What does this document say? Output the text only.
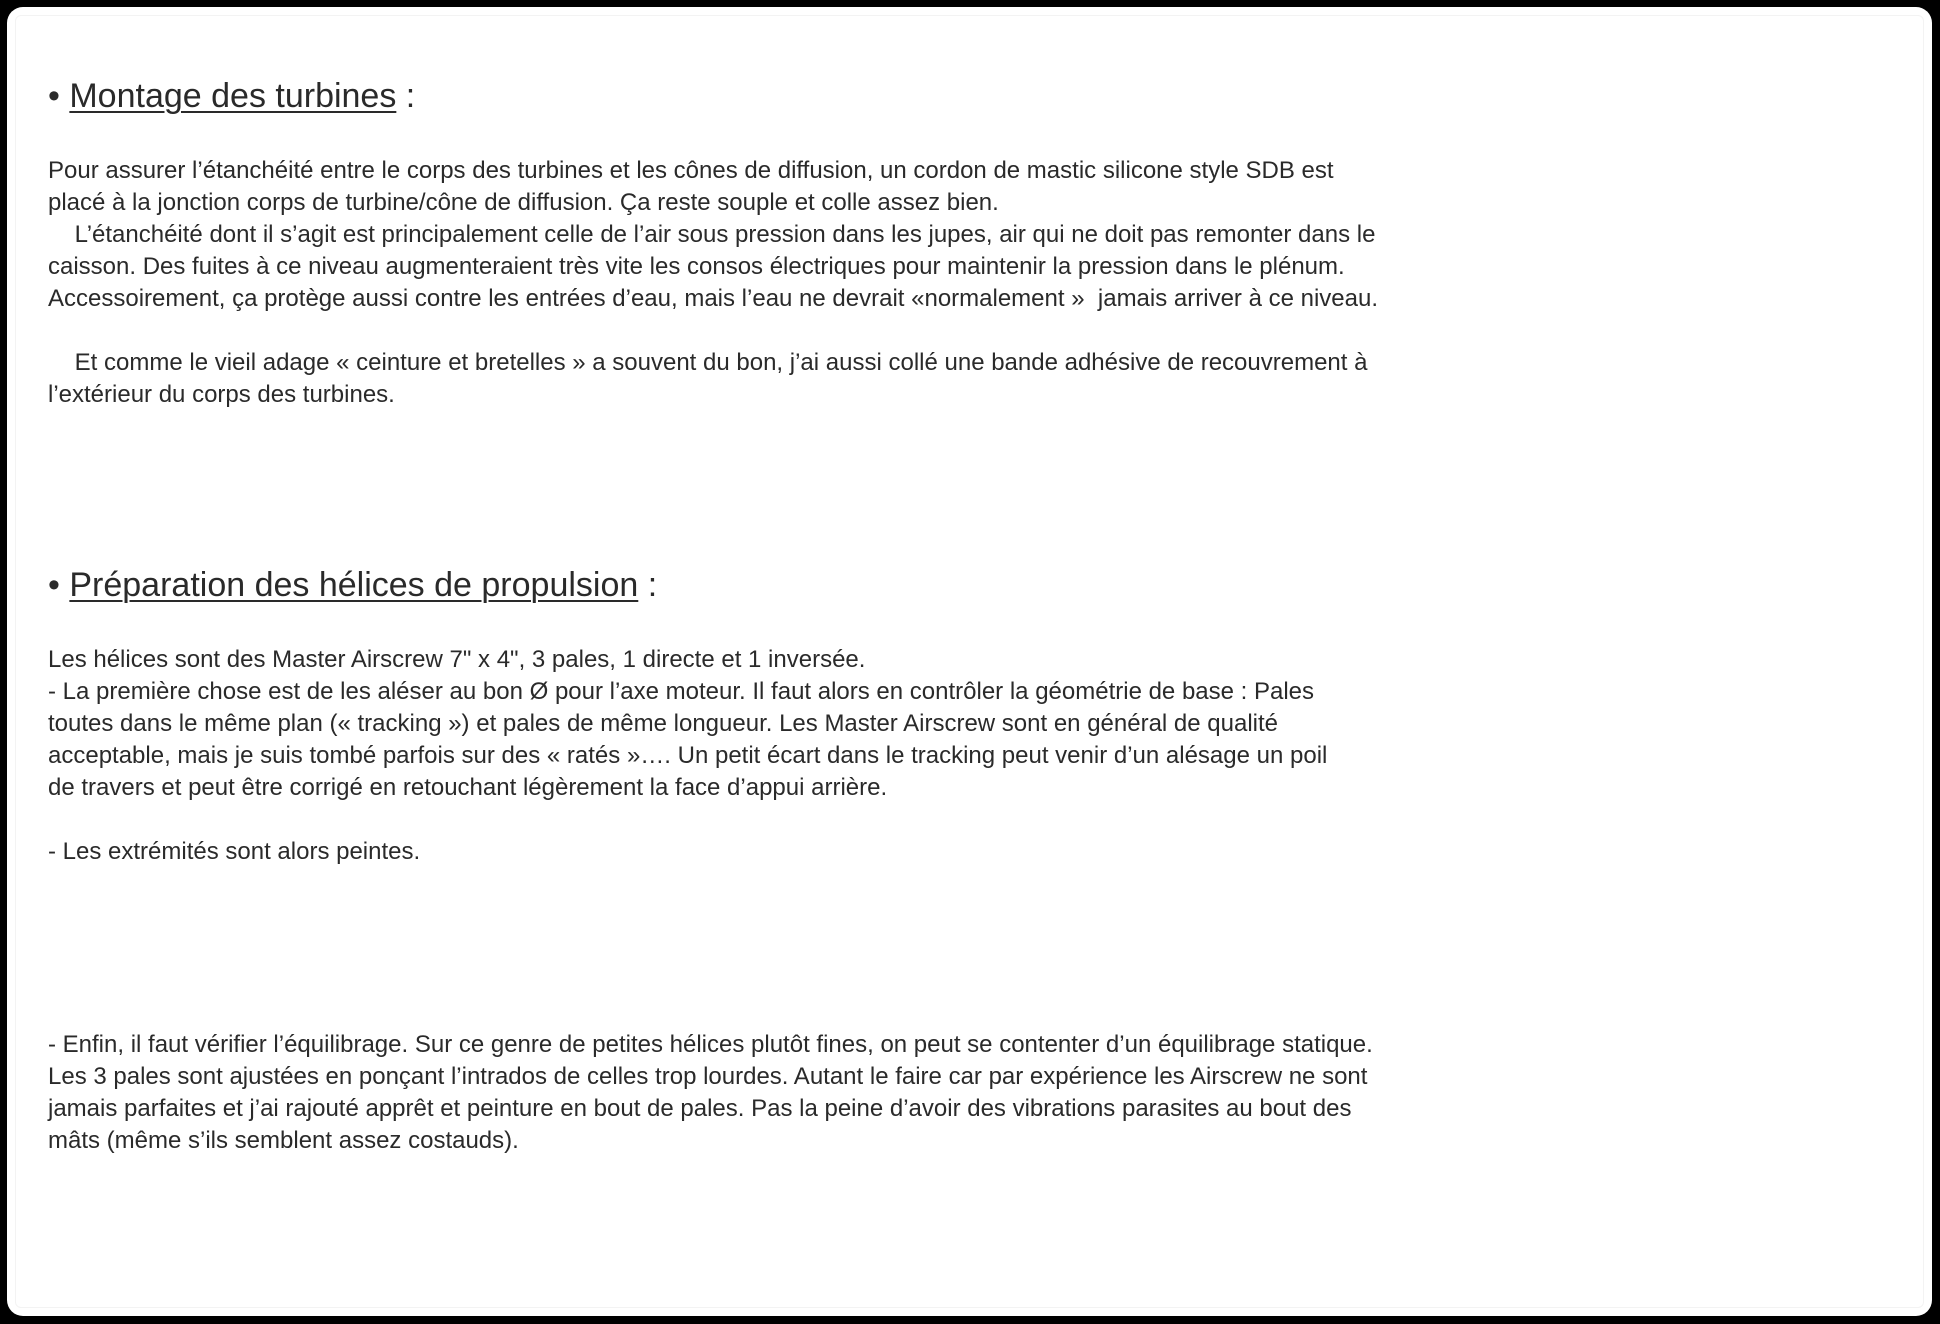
• Montage des turbines :
Pour assurer l’étanchéité entre le corps des turbines et les cônes de diffusion, un cordon de mastic silicone style SDB est
placé à la jonction corps de turbine/cône de diffusion. Ça reste souple et colle assez bien.
L’étanchéité dont il s’agit est principalement celle de l’air sous pression dans les jupes, air qui ne doit pas remonter dans le
caisson. Des fuites à ce niveau augmenteraient très vite les consos électriques pour maintenir la pression dans le plénum.
Accessoirement, ça protège aussi contre les entrées d’eau, mais l’eau ne devrait «normalement »  jamais arriver à ce niveau.
Et comme le vieil adage « ceinture et bretelles » a souvent du bon, j’ai aussi collé une bande adhésive de recouvrement à
l’extérieur du corps des turbines.
• Préparation des hélices de propulsion :
Les hélices sont des Master Airscrew 7" x 4", 3 pales, 1 directe et 1 inversée.
- La première chose est de les aléser au bon Ø pour l’axe moteur. Il faut alors en contrôler la géométrie de base : Pales
toutes dans le même plan (« tracking ») et pales de même longueur. Les Master Airscrew sont en général de qualité
acceptable, mais je suis tombé parfois sur des « ratés »…. Un petit écart dans le tracking peut venir d’un alésage un poil
de travers et peut être corrigé en retouchant légèrement la face d’appui arrière.
- Les extrémités sont alors peintes.
- Enfin, il faut vérifier l’équilibrage. Sur ce genre de petites hélices plutôt fines, on peut se contenter d’un équilibrage statique.
Les 3 pales sont ajustées en ponçant l’intrados de celles trop lourdes. Autant le faire car par expérience les Airscrew ne sont
jamais parfaites et j’ai rajouté apprêt et peinture en bout de pales. Pas la peine d’avoir des vibrations parasites au bout des
mâts (même s’ils semblent assez costauds).
